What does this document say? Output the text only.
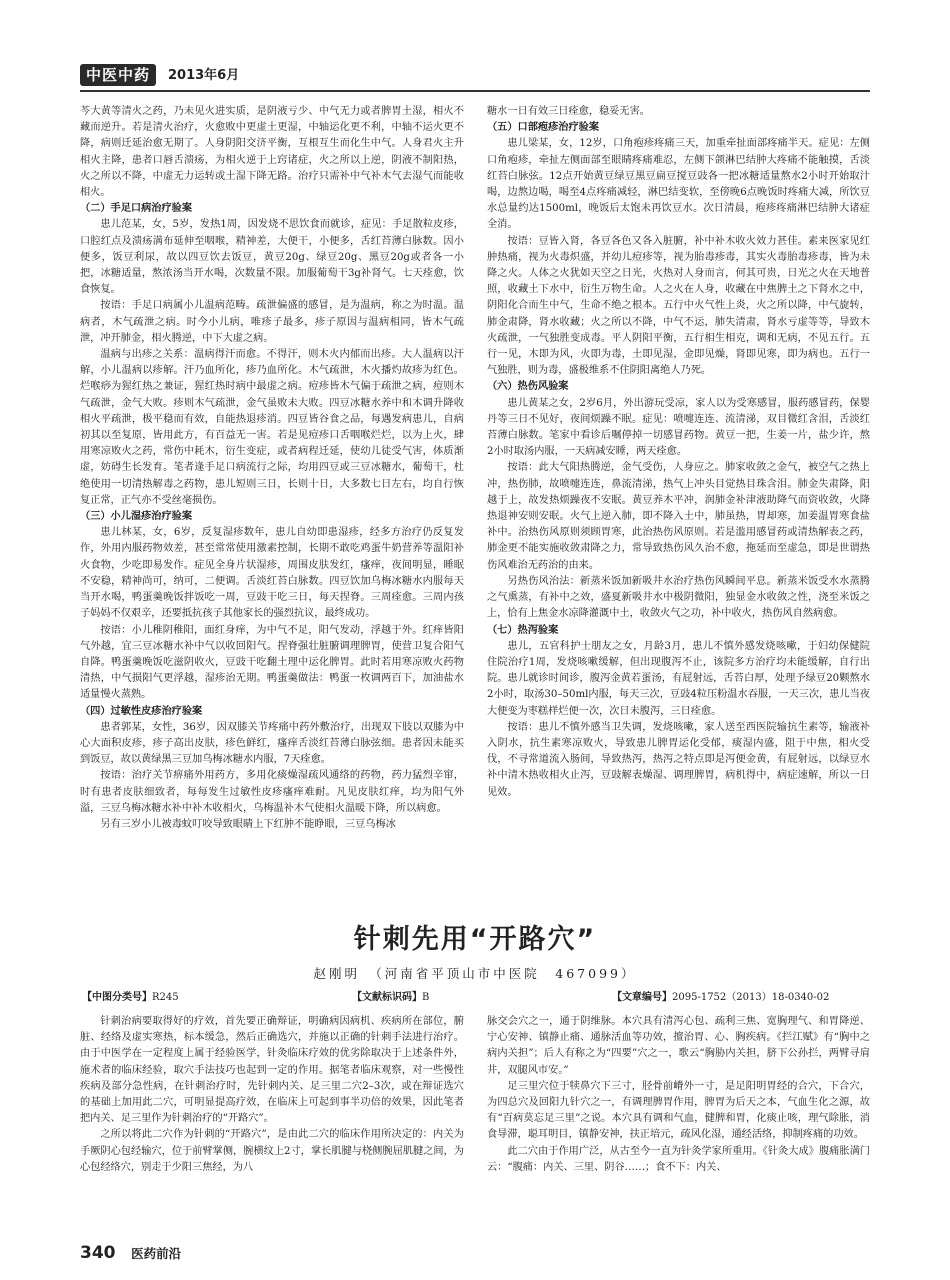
中医中药	2013年6月

芩大黄等清火之药，乃未见火进实质，是阴液亏少、中气无力或者脾胃土湿，相火不藏而逆升。若是清火治疗，火愈败中更虚土更湿，中轴运化更不利，中轴不运火更不降，病则迁延治愈无期了。人身阴阳交济平衡，互根互生而化生中气。人身君火主升相火主降，患者口唇舌溃疡，为相火逆于上窍诸症，火之所以上逆，阴液不制阳热，火之所以不降，中虚无力运转或土湿下降无路。治疗只需补中气补木气去湿气而能收相火。

（二）手足口病治疗验案

患儿范某，女，5岁，发热1周，因发烧不思饮食而就诊，症见：手足散粒皮疹，口腔红点及溃疡满布延伸至咽喉，精神差，大便干，小便多，舌红苔薄白脉数。因小便多，饭豆利尿，故以四豆饮去饭豆，黄豆20g、绿豆20g、黑豆20g或者各一小把，冰糖适量，熬浓汤当开水喝，次数量不限。加服葡萄干3g补肾气。七天痊愈，饮食恢复。

按语：手足口病属小儿温病范畴。疏泄偏盛的感冒，是为温病，称之为时温。温病者，木气疏泄之病。时今小儿病，唯疹子最多，疹子原因与温病相同，皆木气疏泄，冲开肺金，相火腾逆，中下大虚之病。

温病与出疹之关系：温病得汗而愈。不得汗，则木火内郁而出疹。大人温病以汗解，小儿温病以疹解。汗乃血所化，疹乃血所化。木气疏泄，木火播灼故疹为红色。烂喉痧为猩红热之兼证，猩红热时病中最虚之病。痘疹皆木气偏于疏泄之病，痘则木气疏泄，金气大败。疹则木气疏泄，金气虽败未大败。四豆冰糖水养中和木调升降收相火平疏泄，极平稳而有效，自能热退疹消。四豆皆谷食之品，每遇发病患儿，自病初其以至复原，皆用此方，有百益无一害。若是见痘疹口舌咽喉烂烂，以为上火，肆用寒凉败火之药，常伤中耗木，衍生变症，或者病程迁延，使幼儿徒受气害，体质渐虚，妨碍生长发育。笔者逢手足口病流行之际，均用四豆或三豆冰糖水，葡萄干，杜绝使用一切清热解毒之药物，患儿短则三日，长则十日，大多数七日左右，均自行恢复正常，正气亦不受丝毫损伤。

（三）小儿湿疹治疗验案

患儿林某，女，6岁，反复湿疹数年，患儿自幼即患湿疹，经多方治疗仍反复发作，外用内服药物效差，甚至常常使用激素控制，长期不敢吃鸡蛋牛奶营养等温阳补火食物，少吃即易发作。症见全身片状湿疹，周围皮肤发红，瘙痒，夜间明显，睡眠不安稳，精神尚可，纳可，二便调。舌淡红苔白脉数。四豆饮加乌梅冰糖水内服每天当开水喝，鸭蛋羹晚饭拌饭吃一周，豆豉干吃三日，每天捏脊。三周痊愈。三周内孩子妈妈不仅艰辛，还要抵抗孩子其他家长的强烈抗议，最终成功。

按语：小儿稚阴稚阳，面红身痒，为中气不足，阳气发动，浮越于外。红痒皆阳气外越，宜三豆冰糖水补中气以收回阳气。捏脊强壮脏腑调理脾胃，使营卫复合阳气自降。鸭蛋羹晚饭吃滋阴收火，豆豉干吃翻土理中运化脾胃。此时若用寒凉败火药物清热，中气损阳气更浮越，湿疹治无期。鸭蛋羹做法：鸭蛋一枚调两百下，加油盐水适量慢火蒸熟。

（四）过敏性皮疹治疗验案

患者郭某，女性，36岁，因双膝关节疼痛中药外敷治疗，出现双下肢以双膝为中心大面积皮疹，疹子高出皮肤，疹色鲜红，瘙痒舌淡红苔薄白脉弦细。患者因未能买到饭豆，故以黄绿黑三豆加乌梅冰糖水内服，7天痊愈。

按语：治疗关节痹痛外用药方，多用化痰燥湿疏风通络的药物，药力猛烈辛窜，时有患者皮肤细致者，每每发生过敏性皮疹瘙痒难耐。凡见皮肤红痒，均为阳气外溢，三豆乌梅冰糖水补中补木收相火，乌梅温补木气使相火温暖下降，所以病愈。

另有三岁小儿被毒蚊叮咬导致眼睛上下红肿不能睁眼，三豆乌梅冰

糖水一日有效三日痊愈，稳妥无害。

（五）口部疱疹治疗验案

患儿梁某，女，12岁，口角疱疹疼痛三天，加重牵扯面部疼痛半天。症见：左侧口角疱疹，牵扯左侧面部至眼睛疼痛难忍，左侧下颌淋巴结肿大疼痛不能触摸，舌淡红苔白脉弦。12点开始黄豆绿豆黑豆扁豆搅豆豉各一把冰糖适量熬水2小时开始取汁喝，边熬边喝，喝至4点疼痛减轻，淋巴结变软，至傍晚6点晚饭时疼痛大减，所饮豆水总量约达1500ml，晚饭后太饱未再饮豆水。次日清晨，疱疹疼痛淋巴结肿大诸症全消。

按语：豆皆入肾，各豆各色又各入脏腑，补中补木收火效力甚佳。素来医家见红肿热痛，视为火毒炽盛，并幼儿痘疹等，视为胎毒疹毒，其实火毒胎毒疹毒，皆为未降之火。人体之火犹如天空之日光，火热对人身而言，何其可贵，日光之火在天地普照，收藏土下水中，衍生万物生命。人之火在人身，收藏在中焦脾土之下肾水之中，阴阳化合而生中气，生命不绝之根本。五行中火气性上炎，火之所以降，中气旋转，肺金肃降，肾水收藏；火之所以不降，中气不运，肺失清肃，肾水亏虚等等，导致木火疏泄，一气独胜变成毒。平人阴阳平衡，五行相生相克，调和无病，不见五行。五行一见，木即为风，火即为毒，土即见湿，金即见燥，肾即见寒，即为病也。五行一气独胜，则为毒，盛极维系不住阴阳离绝人乃死。

（六）热伤风验案

患儿黄某之女，2岁6月，外出游玩受凉，家人以为受寒感冒，服药感冒药，保婴丹等三日不见好，夜间烦躁不眠。症见：喷嚏连连、流清涕，双目微红含泪，舌淡红苔薄白脉数。笔家中看诊后嘱停掉一切感冒药物。黄豆一把，生姜一片，盐少许，熬2小时取汤内服，一天病减安睡，两天痊愈。

按语：此大气阳热腾逆，金气受伤，人身应之。肺家收敛之金气，被空气之热上冲，热伤肺，故喷嚏连连，鼻流清涕，热气上冲头目觉热目珠含泪。肺金失肃降，阳越于上，故发热烦躁夜不安眠。黄豆养木平冲，润肺金补津液助降气而资收敛，火降热退神安则安眠。火气上逆入肺，即不降入土中，肺虽热，胃却寒，加姜温胃寒食盐补中。治热伤风原则须顾胃寒，此治热伤风原则。若是滥用感冒药或清热解表之药，肺金更不能实施收敛肃降之力，常导致热伤风久治不愈，拖延而至虚急，即是世谓热伤风难治无药治的由来。

另热伤风治法：新蒸米饭加新吸井水治疗热伤风瞬间平息。新蒸米饭受水水蒸腾之气熏蒸，有补中之效，盛夏新吸井水中极阴微阳，独显金水收敛之性，浇至米饭之上，恰有上焦金水凉降灌溉中土，收敛火气之功，补中收火，热伤风自然病愈。

（七）热泻验案

患儿，五官科护士朋友之女，月龄3月，患儿不慎外感发烧咳嗽，于妇幼保健院住院治疗1周，发烧咳嗽缓解，但出现腹泻不止，该院多方治疗均未能缓解，自行出院。患儿就诊时间诊，腹泻金黄若蛋汤，有屁射远，舌苔白厚，处理予绿豆20颗熬水2小时，取汤30–50ml内服，每天三次，豆豉4粒压粉温水吞服，一天三次，患儿当夜大便变为枣糕样烂便一次，次日未腹泻，三日痊愈。

按语：患儿不慎外感当卫失调，发烧咳嗽，家人送至西医院输抗生素等，输液补入阴水，抗生素寒凉败火，导致患儿脾胃运化受郁，痰湿内盛，阻于中焦，相火受伐，不寻常道流入肠间，导致热泻，热泻之特点即是泻便金黄，有屁射远，以绿豆水补中清木热收相火止泻，豆豉解表燥湿、调理脾胃，病机得中，病症速解，所以一日见效。

针刺先用“开路穴”
赵刚明　（河南省平顶山市中医院　467099）
【中图分类号】R245	【文献标识码】B	【文章编号】2095-1752（2013）18-0340-02

针刺治病要取得好的疗效，首先要正确辩证，明确病因病机、疾病所在部位，腑脏、经络及虚实寒热，标本缓急，然后正确选穴，并施以正确的针刺手法进行治疗。由于中医学在一定程度上属于经验医学，针灸临床疗效的优劣除取决于上述条件外，施术者的临床经验，取穴手法技巧也起到一定的作用。据笔者临床观察，对一些慢性疾病及部分急性病，在针刺治疗时，先针刺内关、足三里二穴2–3次，或在辩证选穴的基础上加用此二穴，可明显提高疗效，在临床上可起到事半功倍的效果，因此笔者把内关、足三里作为针刺治疗的“开路穴”。

之所以将此二穴作为针刺的“开路穴”，是由此二穴的临床作用所决定的：内关为手厥阴心包经输穴，位于前臂掌侧，腕横纹上2寸，掌长肌腱与桡侧腕屈肌腱之间，为心包经络穴，别走于少阳三焦经，为八

脉交会穴之一，通于阴维脉。本穴具有清泻心包、疏利三焦、宽胸理气、和胃降逆、宁心安神、镇静止痛、通脉活血等功效，擅治胃、心、胸疾病。《拦江赋》有“胸中之病内关担”；后人有称之为“四要”穴之一，歌云“胸胁内关担，脐下公孙拦，两臂寻肩井，双腿风市安。”

足三里穴位于犊鼻穴下三寸，胫骨前嵴外一寸，是足阳明胃经的合穴，下合穴，为四总穴及回阳九针穴之一，有调理脾胃作用，脾胃为后天之本，气血生化之源，故有“百病莫忘足三里”之说。本穴具有调和气血，健脾和胃，化痰止咳，理气除胀，消食导滞，聪耳明目，镇静安神，扶正培元，疏风化湿，通经活络，抑制疼痛的功效。

此二穴由于作用广泛，从古至今一直为针灸学家所重用。《针灸大成》腹痛胀满门云：“腹痛：内关、三里、阴谷……；食不下：内关、

340 医药前沿
